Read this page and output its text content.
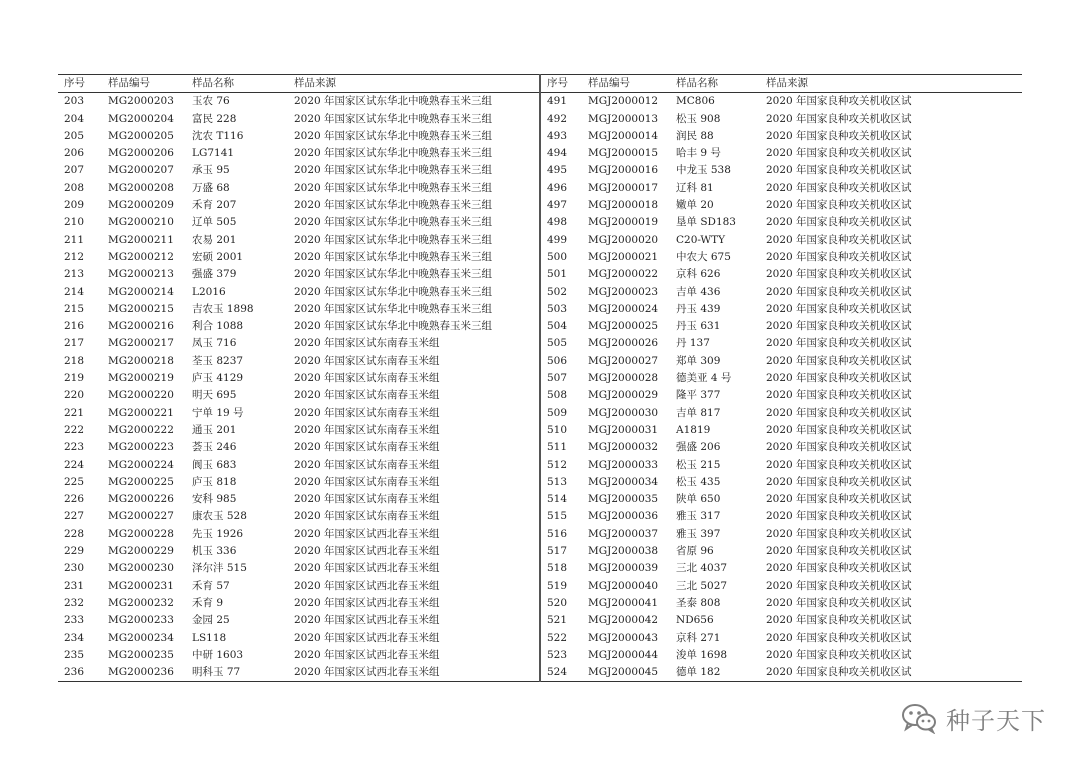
序号	样品编号	样品名称	样品来源	序号	样品编号	样品名称	样品来源
203	MG2000203	玉农 76	2020 年国家区试东华北中晚熟春玉米三组	491	MGJ2000012	MC806	2020 年国家良种攻关机收区试
204	MG2000204	富民 228	2020 年国家区试东华北中晚熟春玉米三组	492	MGJ2000013	松玉 908	2020 年国家良种攻关机收区试
205	MG2000205	沈农 T116	2020 年国家区试东华北中晚熟春玉米三组	493	MGJ2000014	润民 88	2020 年国家良种攻关机收区试
206	MG2000206	LG7141	2020 年国家区试东华北中晚熟春玉米三组	494	MGJ2000015	哈丰 9 号	2020 年国家良种攻关机收区试
207	MG2000207	承玉 95	2020 年国家区试东华北中晚熟春玉米三组	495	MGJ2000016	中龙玉 538	2020 年国家良种攻关机收区试
208	MG2000208	万盛 68	2020 年国家区试东华北中晚熟春玉米三组	496	MGJ2000017	辽科 81	2020 年国家良种攻关机收区试
209	MG2000209	禾育 207	2020 年国家区试东华北中晚熟春玉米三组	497	MGJ2000018	嫩单 20	2020 年国家良种攻关机收区试
210	MG2000210	辽单 505	2020 年国家区试东华北中晚熟春玉米三组	498	MGJ2000019	垦单 SD183	2020 年国家良种攻关机收区试
211	MG2000211	农易 201	2020 年国家区试东华北中晚熟春玉米三组	499	MGJ2000020	C20-WTY	2020 年国家良种攻关机收区试
212	MG2000212	宏硕 2001	2020 年国家区试东华北中晚熟春玉米三组	500	MGJ2000021	中农大 675	2020 年国家良种攻关机收区试
213	MG2000213	强盛 379	2020 年国家区试东华北中晚熟春玉米三组	501	MGJ2000022	京科 626	2020 年国家良种攻关机收区试
214	MG2000214	L2016	2020 年国家区试东华北中晚熟春玉米三组	502	MGJ2000023	吉单 436	2020 年国家良种攻关机收区试
215	MG2000215	吉农玉 1898	2020 年国家区试东华北中晚熟春玉米三组	503	MGJ2000024	丹玉 439	2020 年国家良种攻关机收区试
216	MG2000216	利合 1088	2020 年国家区试东华北中晚熟春玉米三组	504	MGJ2000025	丹玉 631	2020 年国家良种攻关机收区试
217	MG2000217	凤玉 716	2020 年国家区试东南春玉米组	505	MGJ2000026	丹 137	2020 年国家良种攻关机收区试
218	MG2000218	荃玉 8237	2020 年国家区试东南春玉米组	506	MGJ2000027	郑单 309	2020 年国家良种攻关机收区试
219	MG2000219	庐玉 4129	2020 年国家区试东南春玉米组	507	MGJ2000028	德美亚 4 号	2020 年国家良种攻关机收区试
220	MG2000220	明天 695	2020 年国家区试东南春玉米组	508	MGJ2000029	隆平 377	2020 年国家良种攻关机收区试
221	MG2000221	宁单 19 号	2020 年国家区试东南春玉米组	509	MGJ2000030	吉单 817	2020 年国家良种攻关机收区试
222	MG2000222	通玉 201	2020 年国家区试东南春玉米组	510	MGJ2000031	A1819	2020 年国家良种攻关机收区试
223	MG2000223	荟玉 246	2020 年国家区试东南春玉米组	511	MGJ2000032	强盛 206	2020 年国家良种攻关机收区试
224	MG2000224	阆玉 683	2020 年国家区试东南春玉米组	512	MGJ2000033	松玉 215	2020 年国家良种攻关机收区试
225	MG2000225	庐玉 818	2020 年国家区试东南春玉米组	513	MGJ2000034	松玉 435	2020 年国家良种攻关机收区试
226	MG2000226	安科 985	2020 年国家区试东南春玉米组	514	MGJ2000035	陕单 650	2020 年国家良种攻关机收区试
227	MG2000227	康农玉 528	2020 年国家区试东南春玉米组	515	MGJ2000036	雅玉 317	2020 年国家良种攻关机收区试
228	MG2000228	先玉 1926	2020 年国家区试西北春玉米组	516	MGJ2000037	雅玉 397	2020 年国家良种攻关机收区试
229	MG2000229	机玉 336	2020 年国家区试西北春玉米组	517	MGJ2000038	省原 96	2020 年国家良种攻关机收区试
230	MG2000230	泽尔沣 515	2020 年国家区试西北春玉米组	518	MGJ2000039	三北 4037	2020 年国家良种攻关机收区试
231	MG2000231	禾育 57	2020 年国家区试西北春玉米组	519	MGJ2000040	三北 5027	2020 年国家良种攻关机收区试
232	MG2000232	禾育 9	2020 年国家区试西北春玉米组	520	MGJ2000041	圣泰 808	2020 年国家良种攻关机收区试
233	MG2000233	金园 25	2020 年国家区试西北春玉米组	521	MGJ2000042	ND656	2020 年国家良种攻关机收区试
234	MG2000234	LS118	2020 年国家区试西北春玉米组	522	MGJ2000043	京科 271	2020 年国家良种攻关机收区试
235	MG2000235	中研 1603	2020 年国家区试西北春玉米组	523	MGJ2000044	浚单 1698	2020 年国家良种攻关机收区试
236	MG2000236	明科玉 77	2020 年国家区试西北春玉米组	524	MGJ2000045	德单 182	2020 年国家良种攻关机收区试
种子天下
